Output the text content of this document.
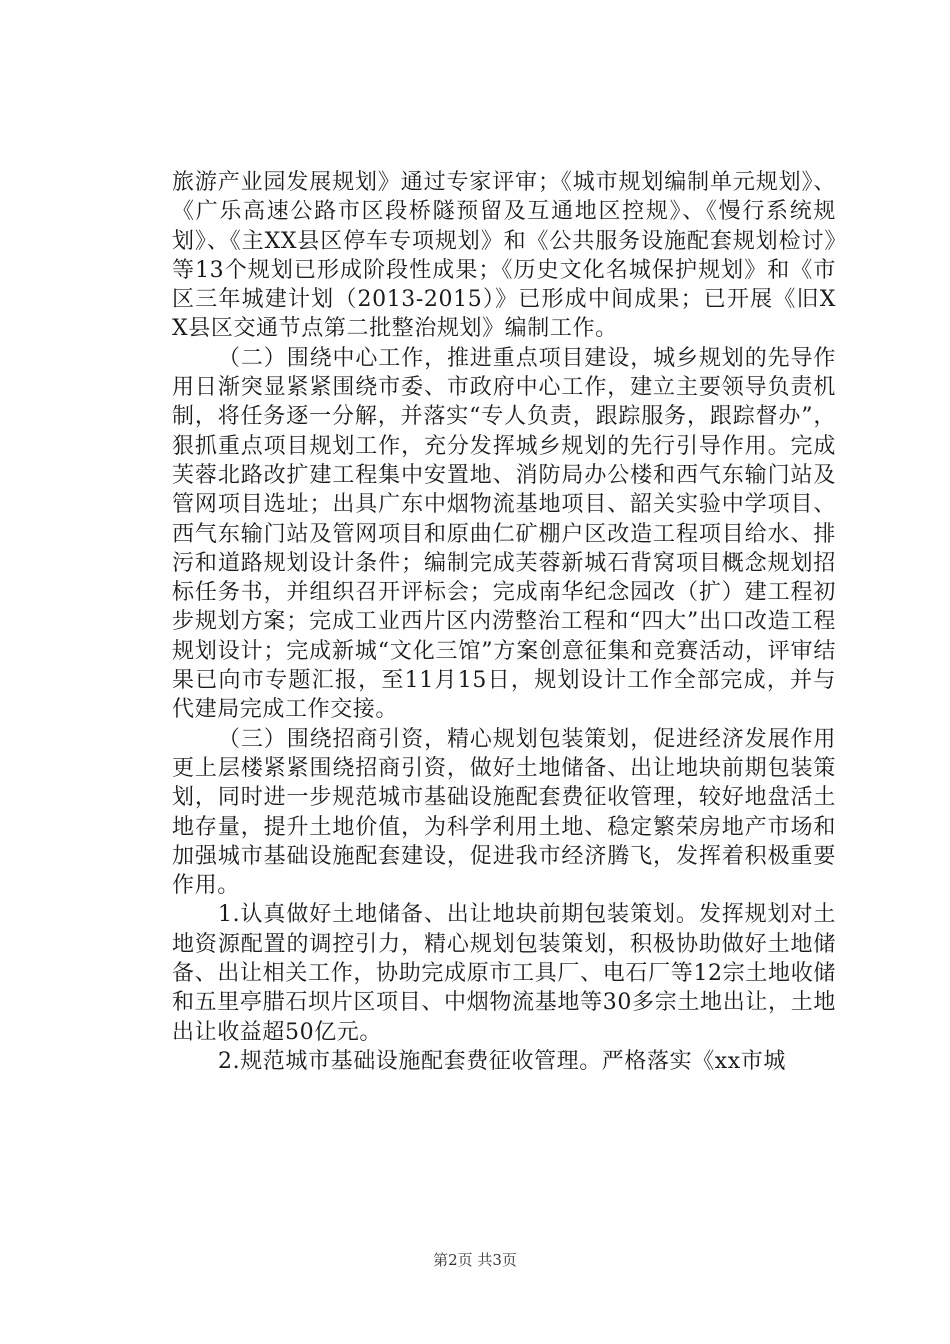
旅游产业园发展规划》通过专家评审；《城市规划编制单元规划》、《广乐高速公路市区段桥隧预留及互通地区控规》、《慢行系统规划》、《主XX县区停车专项规划》和《公共服务设施配套规划检讨》等13个规划已形成阶段性成果；《历史文化名城保护规划》和《市区三年城建计划（2013-2015）》已形成中间成果；已开展《旧XX县区交通节点第二批整治规划》编制工作。

（二）围绕中心工作，推进重点项目建设，城乡规划的先导作用日渐突显紧紧围绕市委、市政府中心工作，建立主要领导负责机制，将任务逐一分解，并落实“专人负责，跟踪服务，跟踪督办”，狠抓重点项目规划工作，充分发挥城乡规划的先行引导作用。完成芙蓉北路改扩建工程集中安置地、消防局办公楼和西气东输门站及管网项目选址；出具广东中烟物流基地项目、韶关实验中学项目、西气东输门站及管网项目和原曲仁矿棚户区改造工程项目给水、排污和道路规划设计条件；编制完成芙蓉新城石背窝项目概念规划招标任务书，并组织召开评标会；完成南华纪念园改（扩）建工程初步规划方案；完成工业西片区内涝整治工程和“四大”出口改造工程规划设计；完成新城“文化三馆”方案创意征集和竞赛活动，评审结果已向市专题汇报，至11月15日，规划设计工作全部完成，并与代建局完成工作交接。

（三）围绕招商引资，精心规划包装策划，促进经济发展作用更上层楼紧紧围绕招商引资，做好土地储备、出让地块前期包装策划，同时进一步规范城市基础设施配套费征收管理，较好地盘活土地存量，提升土地价值，为科学利用土地、稳定繁荣房地产市场和加强城市基础设施配套建设，促进我市经济腾飞，发挥着积极重要作用。

1.认真做好土地储备、出让地块前期包装策划。发挥规划对土地资源配置的调控引力，精心规划包装策划，积极协助做好土地储备、出让相关工作，协助完成原市工具厂、电石厂等12宗土地收储和五里亭腊石坝片区项目、中烟物流基地等30多宗土地出让，土地出让收益超50亿元。

2.规范城市基础设施配套费征收管理。严格落实《xx市城

第2页 共3页
